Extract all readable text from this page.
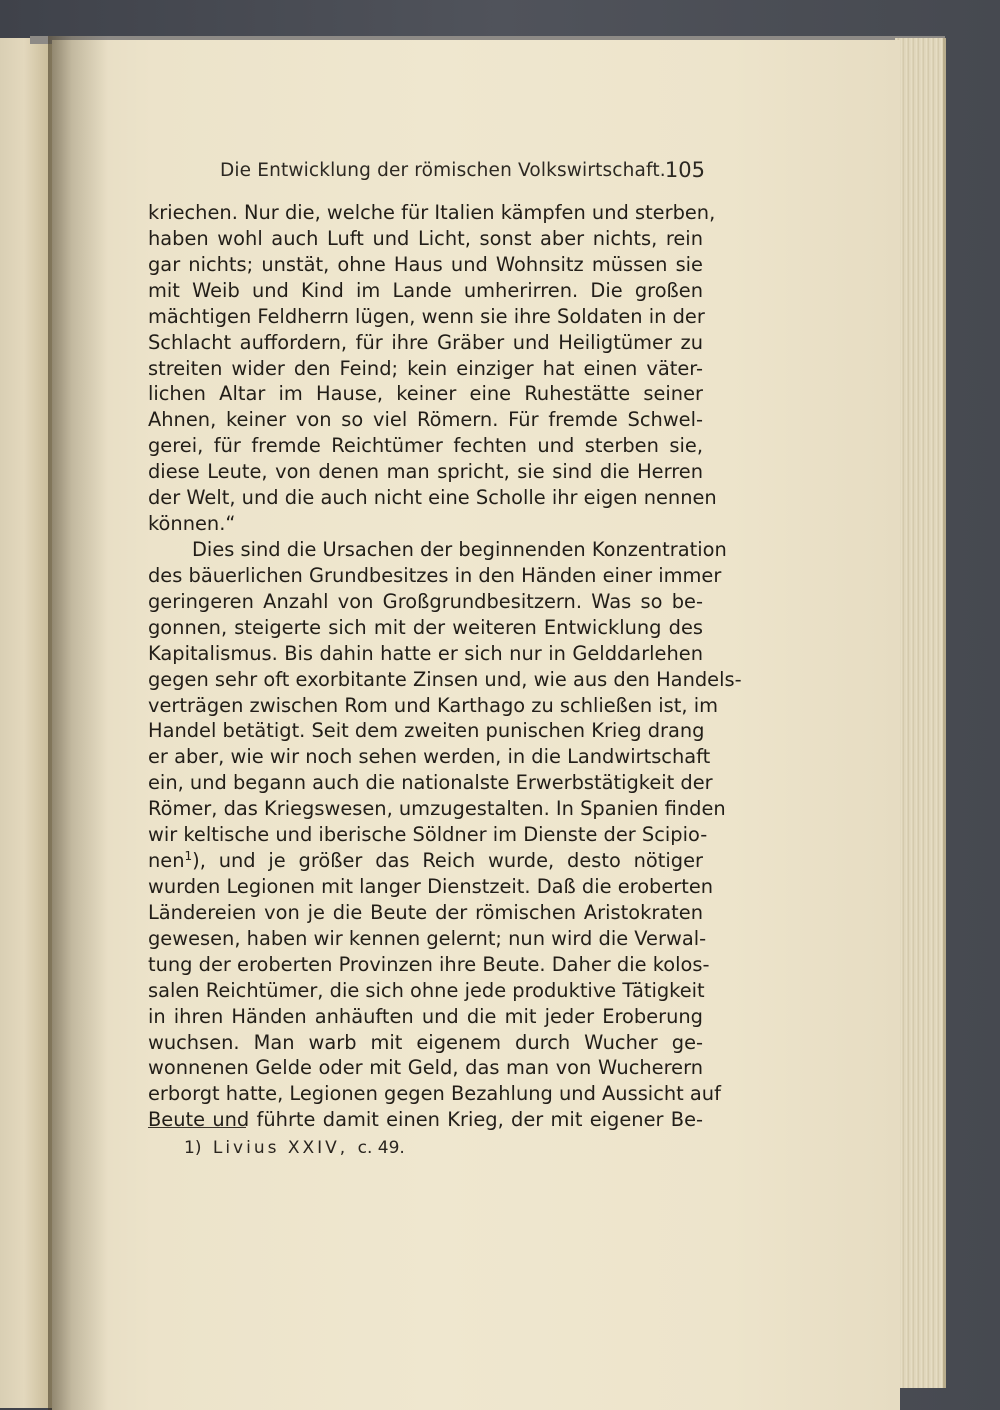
Die Entwicklung der römischen Volkswirtschaft. 105
kriechen. Nur die, welche für Italien kämpfen und sterben,
haben wohl auch Luft und Licht, sonst aber nichts, rein
gar nichts; unstät, ohne Haus und Wohnsitz müssen sie
mit Weib und Kind im Lande umherirren. Die großen
mächtigen Feldherrn lügen, wenn sie ihre Soldaten in der
Schlacht auffordern, für ihre Gräber und Heiligtümer zu
streiten wider den Feind; kein einziger hat einen väter-
lichen Altar im Hause, keiner eine Ruhestätte seiner
Ahnen, keiner von so viel Römern. Für fremde Schwel-
gerei, für fremde Reichtümer fechten und sterben sie,
diese Leute, von denen man spricht, sie sind die Herren
der Welt, und die auch nicht eine Scholle ihr eigen nennen
können.“
Dies sind die Ursachen der beginnenden Konzentration
des bäuerlichen Grundbesitzes in den Händen einer immer
geringeren Anzahl von Großgrundbesitzern. Was so be-
gonnen, steigerte sich mit der weiteren Entwicklung des
Kapitalismus. Bis dahin hatte er sich nur in Gelddarlehen
gegen sehr oft exorbitante Zinsen und, wie aus den Handels-
verträgen zwischen Rom und Karthago zu schließen ist, im
Handel betätigt. Seit dem zweiten punischen Krieg drang
er aber, wie wir noch sehen werden, in die Landwirtschaft
ein, und begann auch die nationalste Erwerbstätigkeit der
Römer, das Kriegswesen, umzugestalten. In Spanien finden
wir keltische und iberische Söldner im Dienste der Scipio-
nen$^1$), und je größer das Reich wurde, desto nötiger
wurden Legionen mit langer Dienstzeit. Daß die eroberten
Ländereien von je die Beute der römischen Aristokraten
gewesen, haben wir kennen gelernt; nun wird die Verwal-
tung der eroberten Provinzen ihre Beute. Daher die kolos-
salen Reichtümer, die sich ohne jede produktive Tätigkeit
in ihren Händen anhäuften und die mit jeder Eroberung
wuchsen. Man warb mit eigenem durch Wucher ge-
wonnenen Gelde oder mit Geld, das man von Wucherern
erborgt hatte, Legionen gegen Bezahlung und Aussicht auf
Beute und führte damit einen Krieg, der mit eigener Be-
1) Livius XXIV, c. 49.
